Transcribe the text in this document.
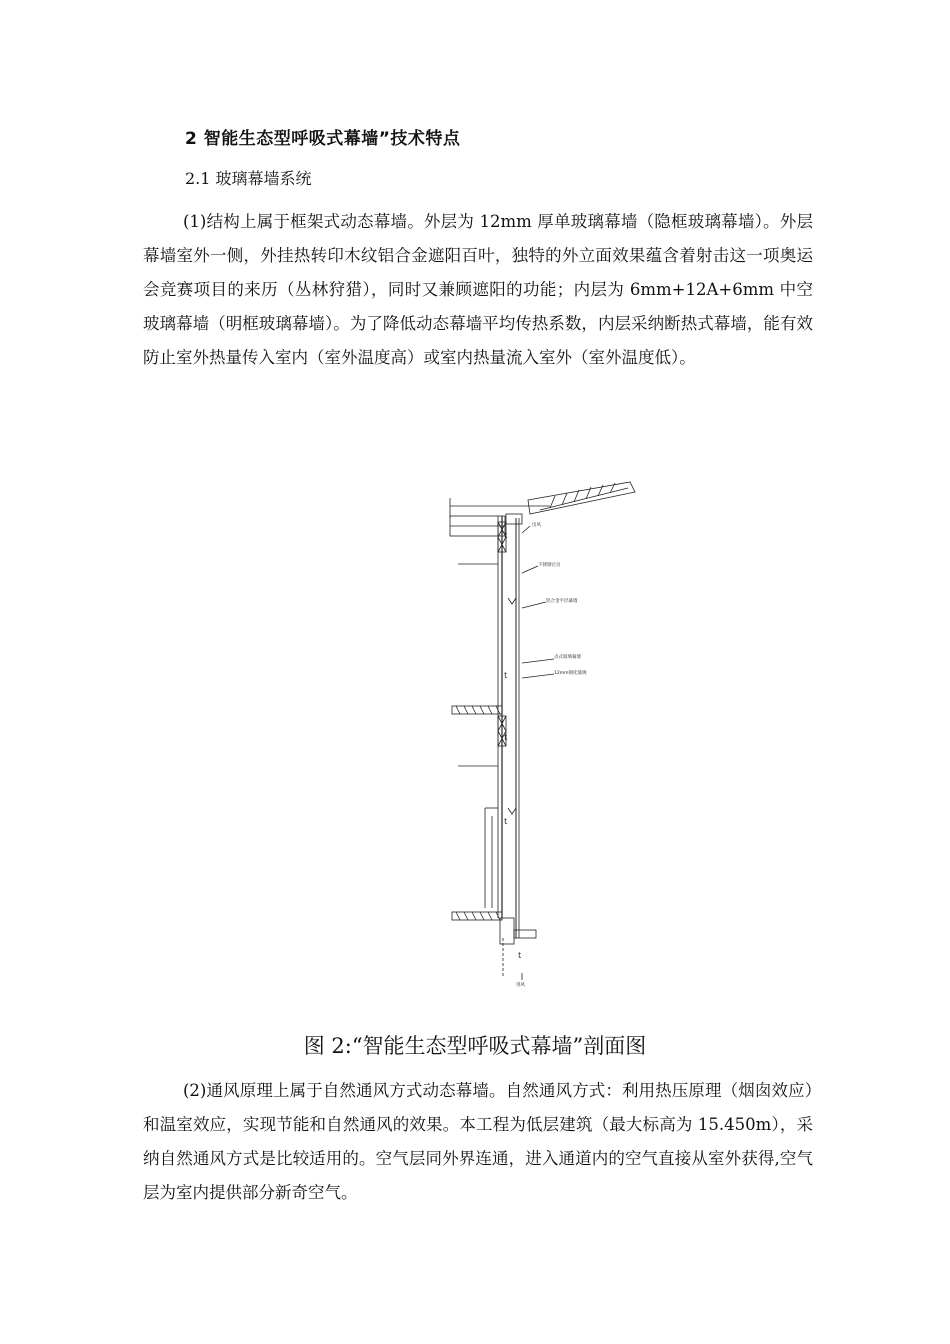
2 智能生态型呼吸式幕墙”技术特点
2.1 玻璃幕墙系统

(1)结构上属于框架式动态幕墙。外层为 12mm 厚单玻璃幕墙（隐框玻璃幕墙）。外层幕墙室外一侧，外挂热转印木纹铝合金遮阳百叶，独特的外立面效果蕴含着射击这一项奥运会竞赛项目的来历（丛林狩猎），同时又兼顾遮阳的功能；内层为 6mm+12A+6mm 中空玻璃幕墙（明框玻璃幕墙）。为了降低动态幕墙平均传热系数，内层采纳断热式幕墙，能有效防止室外热量传入室内（室外温度高）或室内热量流入室外（室外温度低）。

出风
不锈钢百页
铝合金平层幕墙
点式玻璃幕墙
12mm钢化玻璃
进风
t
t
t
t
t
图 2:“智能生态型呼吸式幕墙”剖面图

(2)通风原理上属于自然通风方式动态幕墙。自然通风方式：利用热压原理（烟囱效应）和温室效应，实现节能和自然通风的效果。本工程为低层建筑（最大标高为 15.450m），采纳自然通风方式是比较适用的。空气层同外界连通，进入通道内的空气直接从室外获得,空气层为室内提供部分新奇空气。
